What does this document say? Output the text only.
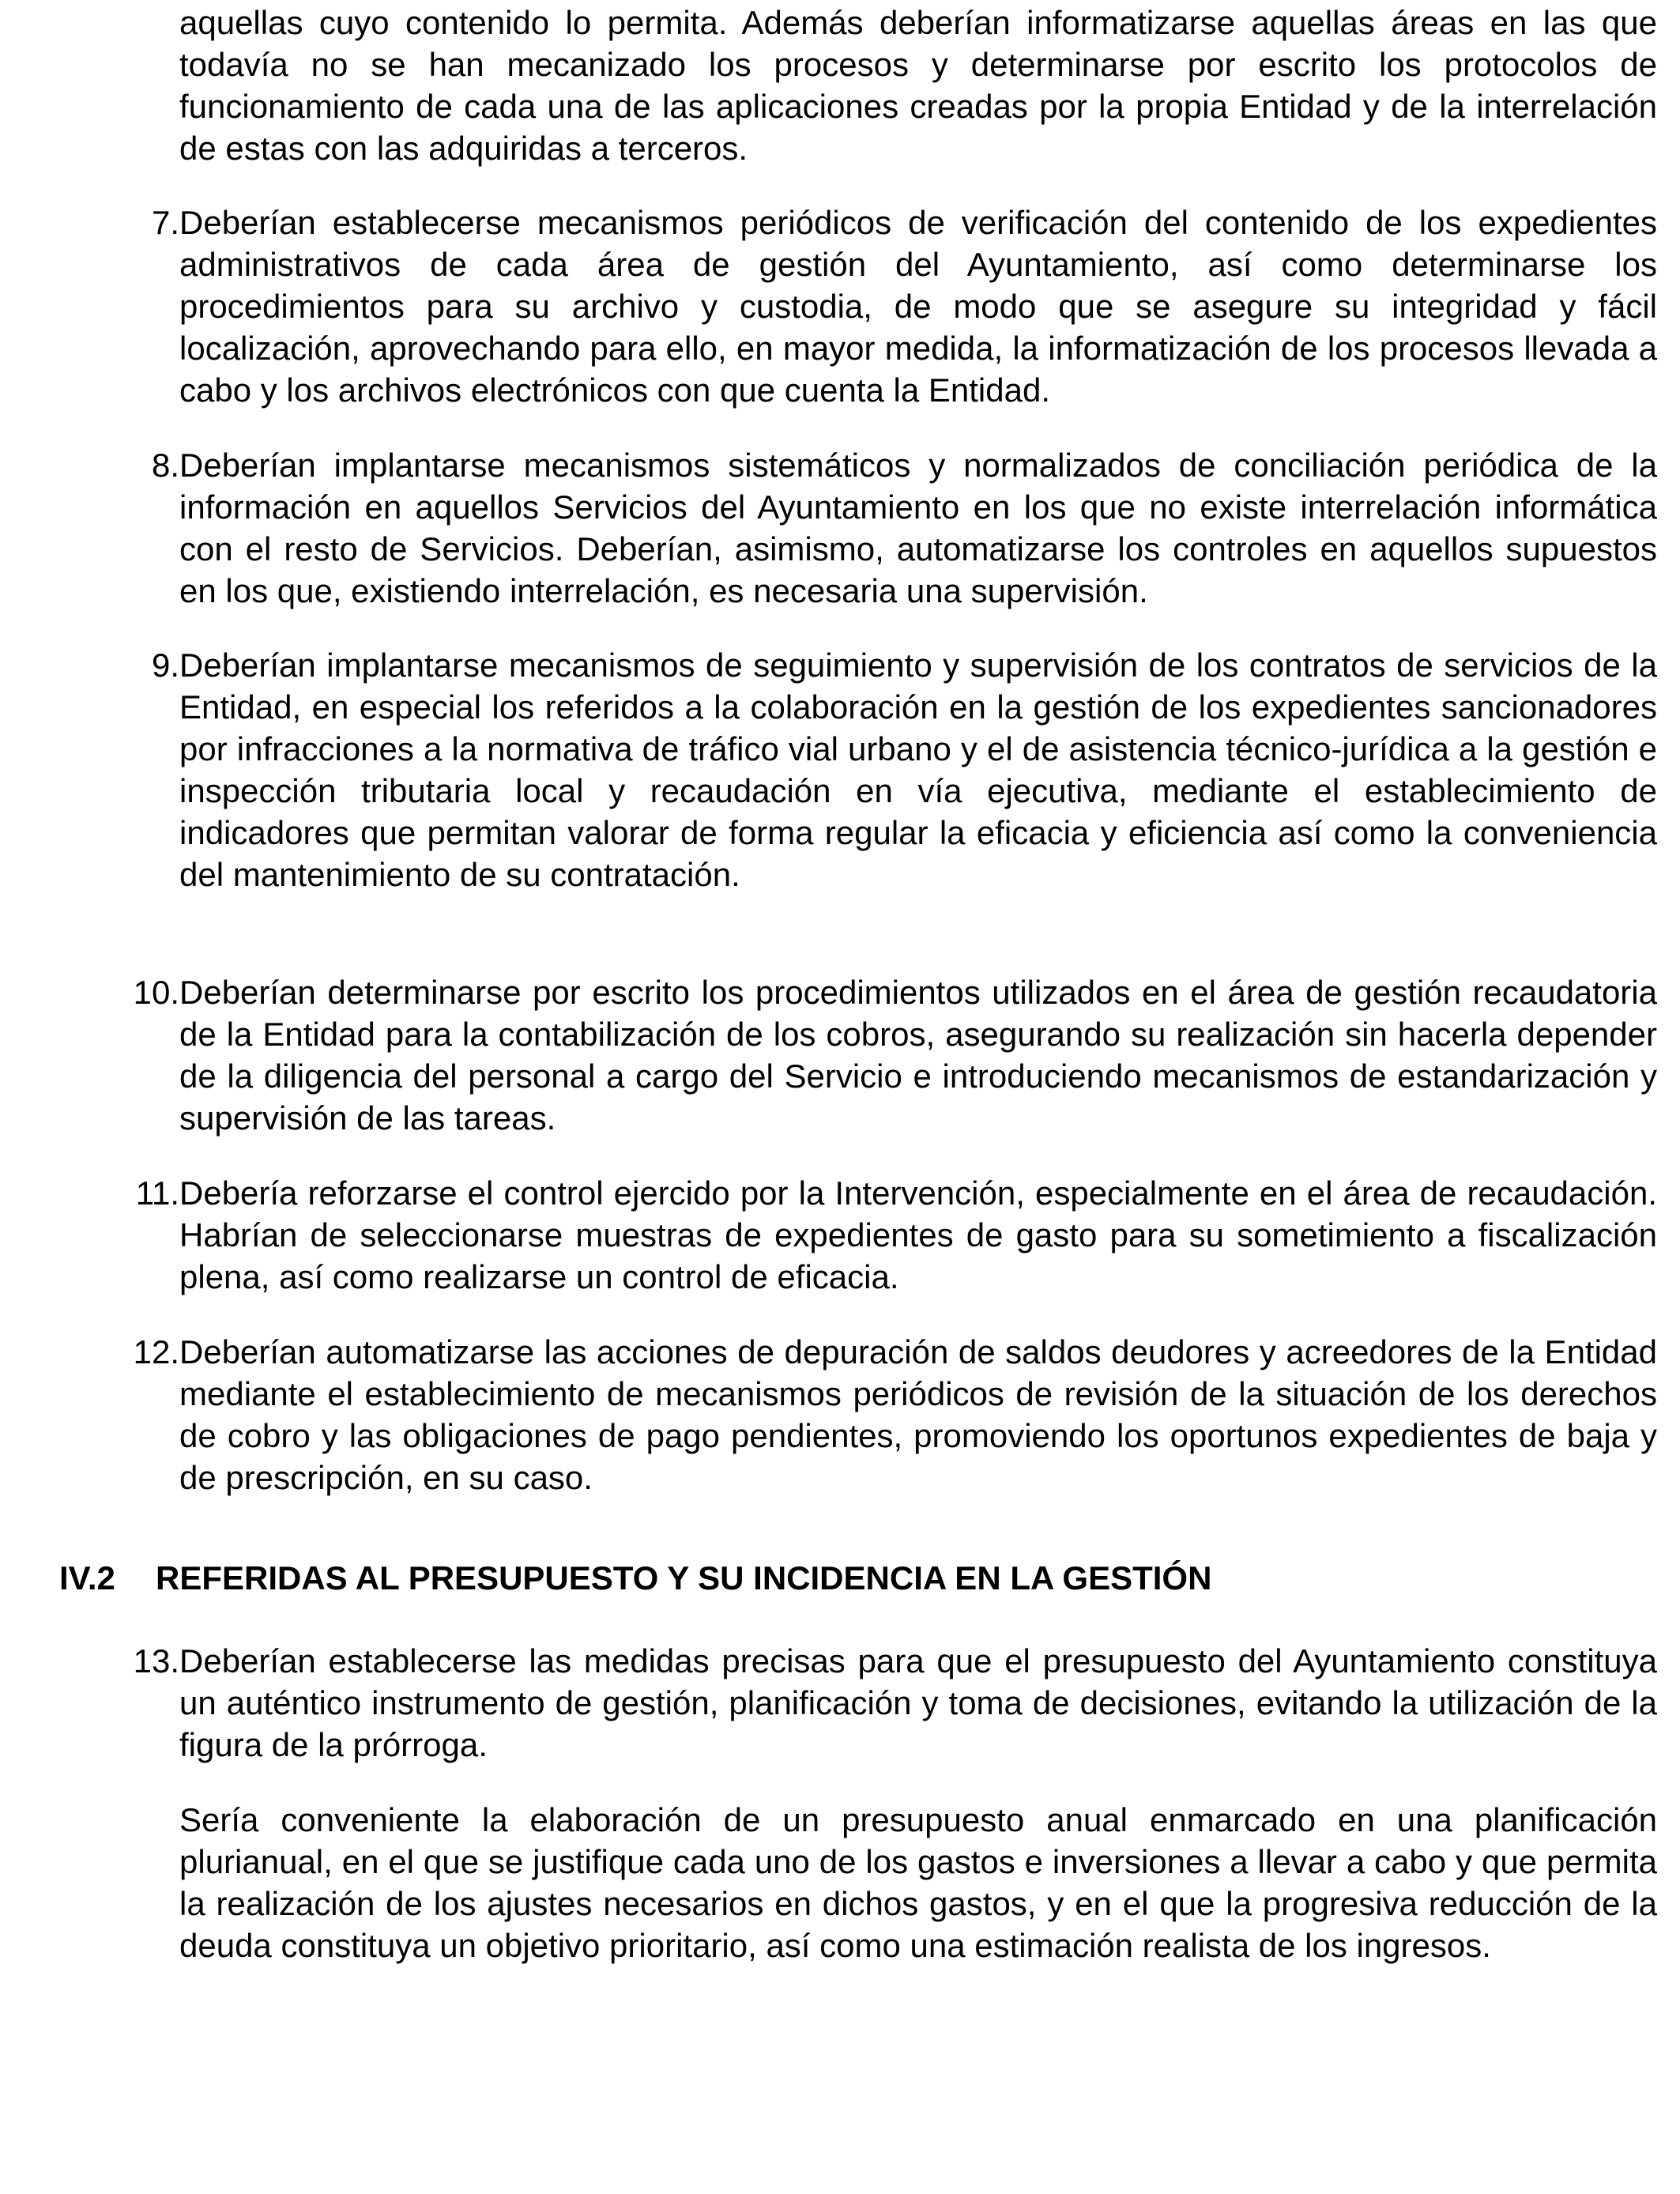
aquellas cuyo contenido lo permita. Además deberían informatizarse aquellas áreas en las que todavía no se han mecanizado los procesos y determinarse por escrito los protocolos de funcionamiento de cada una de las aplicaciones creadas por la propia Entidad y de la interrelación de estas con las adquiridas a terceros.
7. Deberían establecerse mecanismos periódicos de verificación del contenido de los expedientes administrativos de cada área de gestión del Ayuntamiento, así como determinarse los procedimientos para su archivo y custodia, de modo que se asegure su integridad y fácil localización, aprovechando para ello, en mayor medida, la informatización de los procesos llevada a cabo y los archivos electrónicos con que cuenta la Entidad.
8. Deberían implantarse mecanismos sistemáticos y normalizados de conciliación periódica de la información en aquellos Servicios del Ayuntamiento en los que no existe interrelación informática con el resto de Servicios. Deberían, asimismo, automatizarse los controles en aquellos supuestos en los que, existiendo interrelación, es necesaria una supervisión.
9. Deberían implantarse mecanismos de seguimiento y supervisión de los contratos de servicios de la Entidad, en especial los referidos a la colaboración en la gestión de los expedientes sancionadores por infracciones a la normativa de tráfico vial urbano y el de asistencia técnico-jurídica a la gestión e inspección tributaria local y recaudación en vía ejecutiva, mediante el establecimiento de indicadores que permitan valorar de forma regular la eficacia y eficiencia así como la conveniencia del mantenimiento de su contratación.
10. Deberían determinarse por escrito los procedimientos utilizados en el área de gestión recaudatoria de la Entidad para la contabilización de los cobros, asegurando su realización sin hacerla depender de la diligencia del personal a cargo del Servicio e introduciendo mecanismos de estandarización y supervisión de las tareas.
11. Debería reforzarse el control ejercido por la Intervención, especialmente en el área de recaudación. Habrían de seleccionarse muestras de expedientes de gasto para su sometimiento a fiscalización plena, así como realizarse un control de eficacia.
12. Deberían automatizarse las acciones de depuración de saldos deudores y acreedores de la Entidad mediante el establecimiento de mecanismos periódicos de revisión de la situación de los derechos de cobro y las obligaciones de pago pendientes, promoviendo los oportunos expedientes de baja y de prescripción, en su caso.
IV.2 REFERIDAS AL PRESUPUESTO Y SU INCIDENCIA EN LA GESTIÓN
13. Deberían establecerse las medidas precisas para que el presupuesto del Ayuntamiento constituya un auténtico instrumento de gestión, planificación y toma de decisiones, evitando la utilización de la figura de la prórroga.
Sería conveniente la elaboración de un presupuesto anual enmarcado en una planificación plurianual, en el que se justifique cada uno de los gastos e inversiones a llevar a cabo y que permita la realización de los ajustes necesarios en dichos gastos, y en el que la progresiva reducción de la deuda constituya un objetivo prioritario, así como una estimación realista de los ingresos.
